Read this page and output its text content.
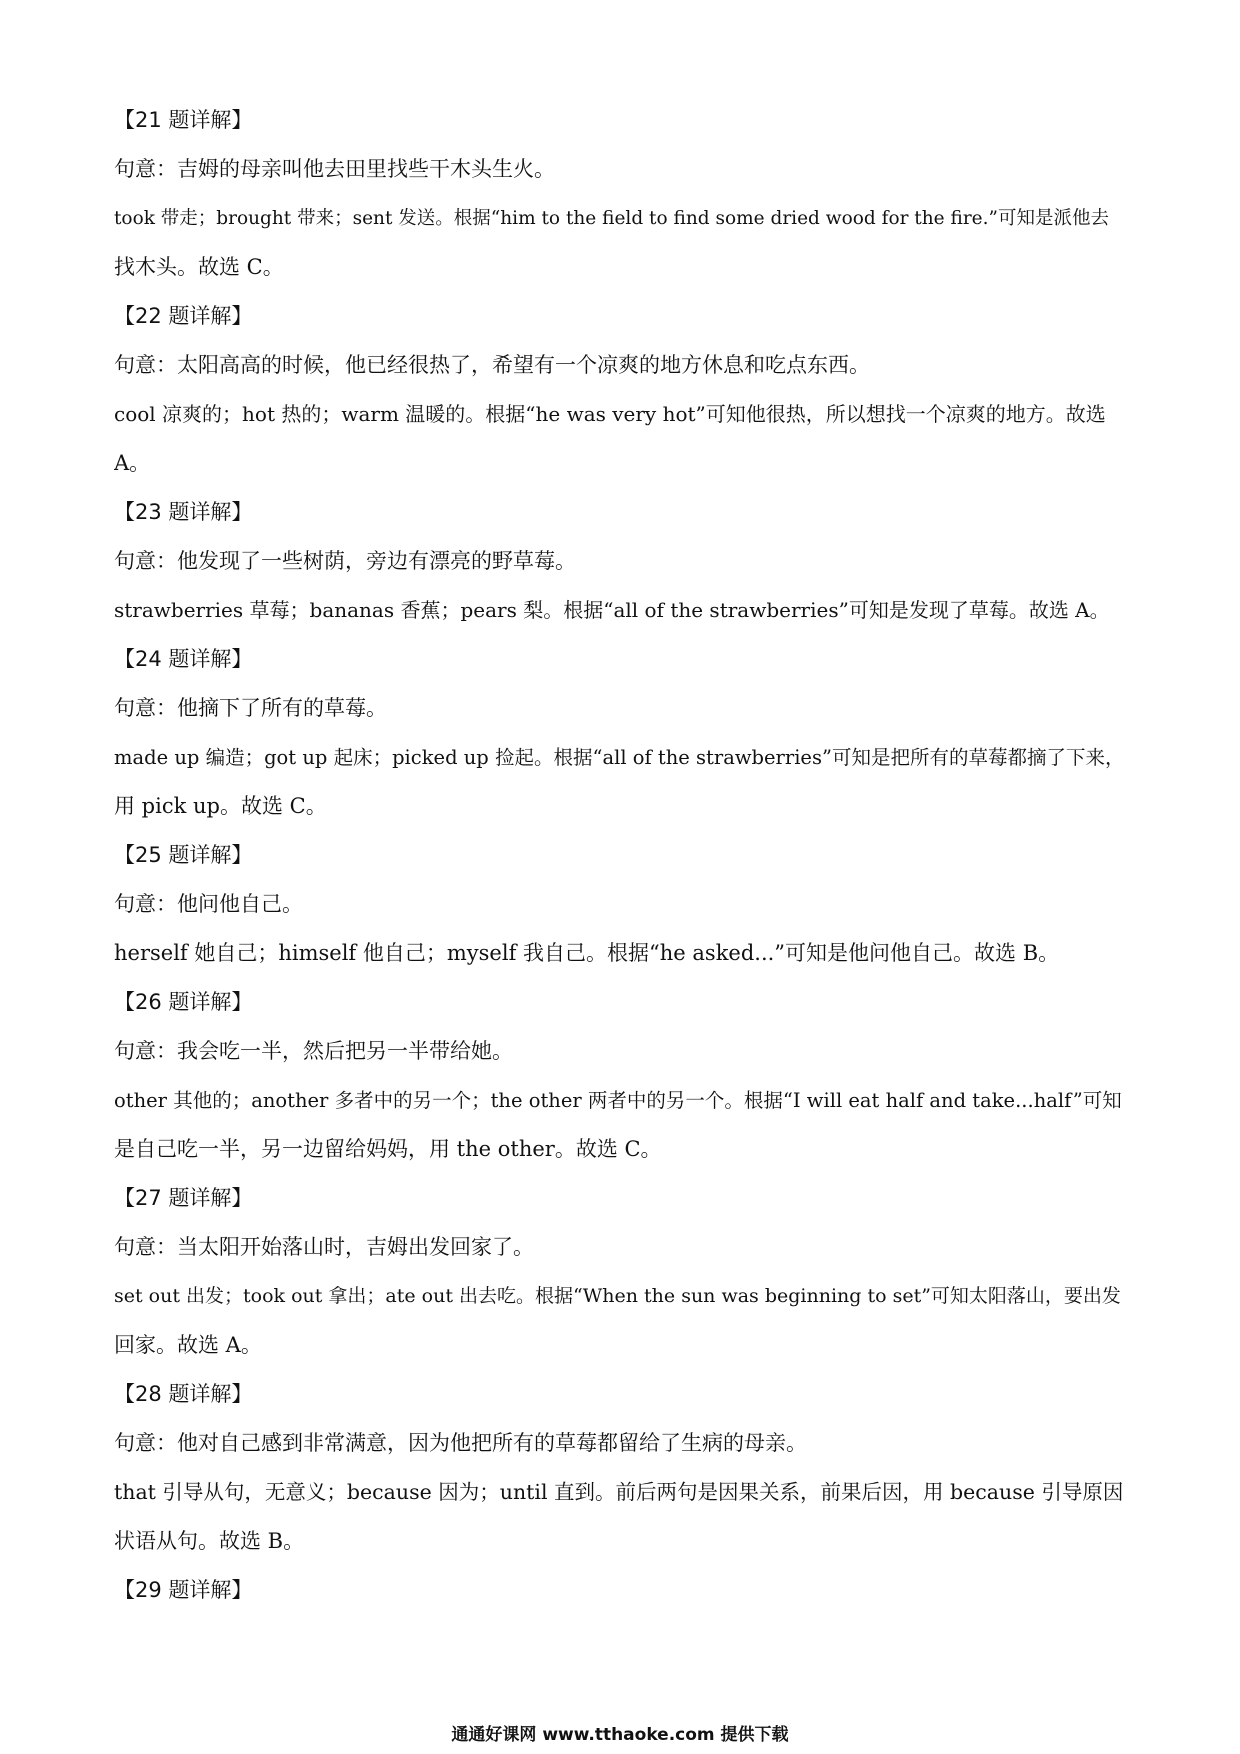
【21 题详解】
句意：吉姆的母亲叫他去田里找些干木头生火。
took 带走；brought 带来；sent 发送。根据“him to the field to find some dried wood for the fire.”可知是派他去
找木头。故选 C。
【22 题详解】
句意：太阳高高的时候，他已经很热了，希望有一个凉爽的地方休息和吃点东西。
cool 凉爽的；hot 热的；warm 温暖的。根据“he was very hot”可知他很热，所以想找一个凉爽的地方。故选
A。
【23 题详解】
句意：他发现了一些树荫，旁边有漂亮的野草莓。
strawberries 草莓；bananas 香蕉；pears 梨。根据“all of the strawberries”可知是发现了草莓。故选 A。
【24 题详解】
句意：他摘下了所有的草莓。
made up 编造；got up 起床；picked up 捡起。根据“all of the strawberries”可知是把所有的草莓都摘了下来，
用 pick up。故选 C。
【25 题详解】
句意：他问他自己。
herself 她自己；himself 他自己；myself 我自己。根据“he asked...”可知是他问他自己。故选 B。
【26 题详解】
句意：我会吃一半，然后把另一半带给她。
other 其他的；another 多者中的另一个；the other 两者中的另一个。根据“I will eat half and take...half”可知
是自己吃一半，另一边留给妈妈，用 the other。故选 C。
【27 题详解】
句意：当太阳开始落山时，吉姆出发回家了。
set out 出发；took out 拿出；ate out 出去吃。根据“When the sun was beginning to set”可知太阳落山，要出发
回家。故选 A。
【28 题详解】
句意：他对自己感到非常满意，因为他把所有的草莓都留给了生病的母亲。
that 引导从句，无意义；because 因为；until 直到。前后两句是因果关系，前果后因，用 because 引导原因
状语从句。故选 B。
【29 题详解】
通通好课网 www.tthaoke.com 提供下载
